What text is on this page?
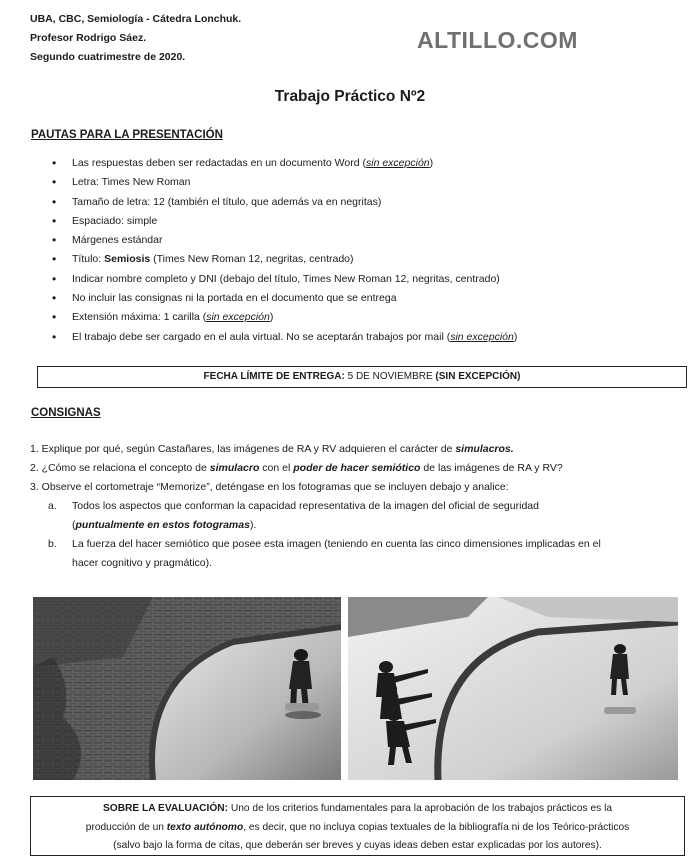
UBA, CBC, Semiología - Cátedra Lonchuk.
Profesor Rodrigo Sáez.
Segundo cuatrimestre de 2020.
ALTILLO.COM
Trabajo Práctico Nº2
PAUTAS PARA LA PRESENTACIÓN
• Las respuestas deben ser redactadas en un documento Word (sin excepción)
• Letra: Times New Roman
• Tamaño de letra: 12 (también el título, que además va en negritas)
• Espaciado: simple
• Márgenes estándar
• Título: Semiosis (Times New Roman 12, negritas, centrado)
• Indicar nombre completo y DNI (debajo del título, Times New Roman 12, negritas, centrado)
• No incluir las consignas ni la portada en el documento que se entrega
• Extensión máxima: 1 carilla (sin excepción)
• El trabajo debe ser cargado en el aula virtual. No se aceptarán trabajos por mail (sin excepción)
FECHA LÍMITE DE ENTREGA: 5 DE NOVIEMBRE (SIN EXCEPCIÓN)
CONSIGNAS
1. Explique por qué, según Castañares, las imágenes de RA y RV adquieren el carácter de simulacros.
2. ¿Cómo se relaciona el concepto de simulacro con el poder de hacer semiótico de las imágenes de RA y RV?
3. Observe el cortometraje “Memorize”, deténgase en los fotogramas que se incluyen debajo y analice:
a. Todos los aspectos que conforman la capacidad representativa de la imagen del oficial de seguridad
(puntualmente en estos fotogramas).
b. La fuerza del hacer semiótico que posee esta imagen (teniendo en cuenta las cinco dimensiones implicadas en el
hacer cognitivo y pragmático).
SOBRE LA EVALUACIÓN: Uno de los criterios fundamentales para la aprobación de los trabajos prácticos es la
producción de un texto autónomo, es decir, que no incluya copias textuales de la bibliografía ni de los Teórico-prácticos
(salvo bajo la forma de citas, que deberán ser breves y cuyas ideas deben estar explicadas por los autores).
